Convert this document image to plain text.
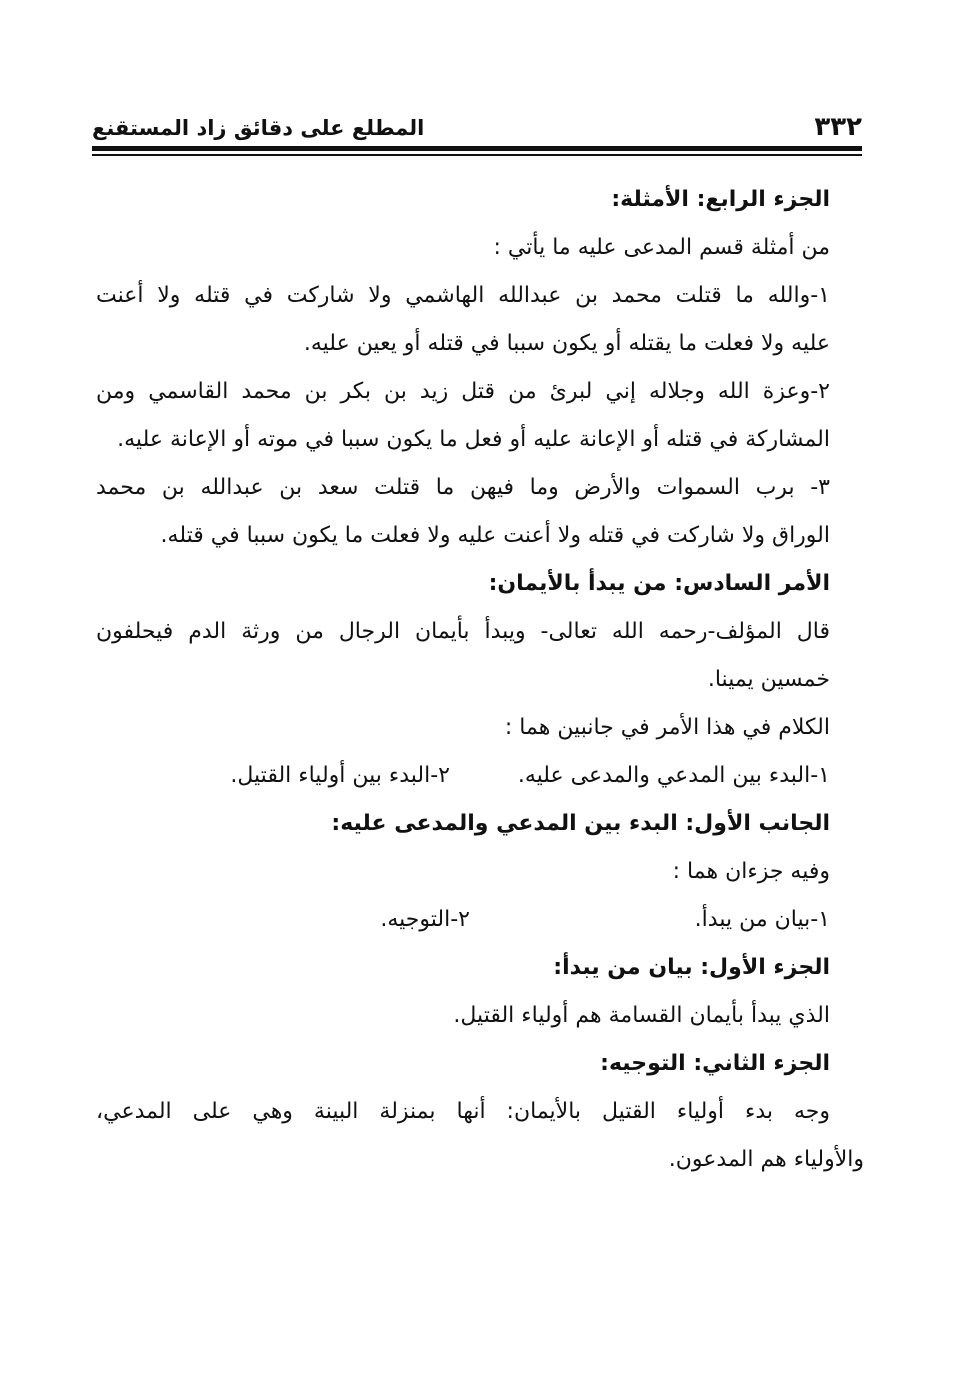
٣٣٢
المطلع على دقائق زاد المستقنع
الجزء الرابع: الأمثلة:
من أمثلة قسم المدعى عليه ما يأتي :
١-والله ما قتلت محمد بن عبدالله الهاشمي ولا شاركت في قتله ولا أعنت
عليه ولا فعلت ما يقتله أو يكون سببا في قتله أو يعين عليه.
٢-وعزة الله وجلاله إني لبرئ من قتل زيد بن بكر بن محمد القاسمي ومن
المشاركة في قتله أو الإعانة عليه أو فعل ما يكون سببا في موته أو الإعانة عليه.
٣- برب السموات والأرض وما فيهن ما قتلت سعد بن عبدالله بن محمد
الوراق ولا شاركت في قتله ولا أعنت عليه ولا فعلت ما يكون سببا في قتله.
الأمر السادس: من يبدأ بالأيمان:
قال المؤلف-رحمه الله تعالى- ويبدأ بأيمان الرجال من ورثة الدم فيحلفون
خمسين يمينا.
الكلام في هذا الأمر في جانبين هما :
١-البدء بين المدعي والمدعى عليه.
٢-البدء بين أولياء القتيل.
الجانب الأول: البدء بين المدعي والمدعى عليه:
وفيه جزءان هما :
١-بيان من يبدأ.
٢-التوجيه.
الجزء الأول: بيان من يبدأ:
الذي يبدأ بأيمان القسامة هم أولياء القتيل.
الجزء الثاني: التوجيه:
وجه بدء أولياء القتيل بالأيمان: أنها بمنزلة البينة وهي على المدعي،
والأولياء هم المدعون.
